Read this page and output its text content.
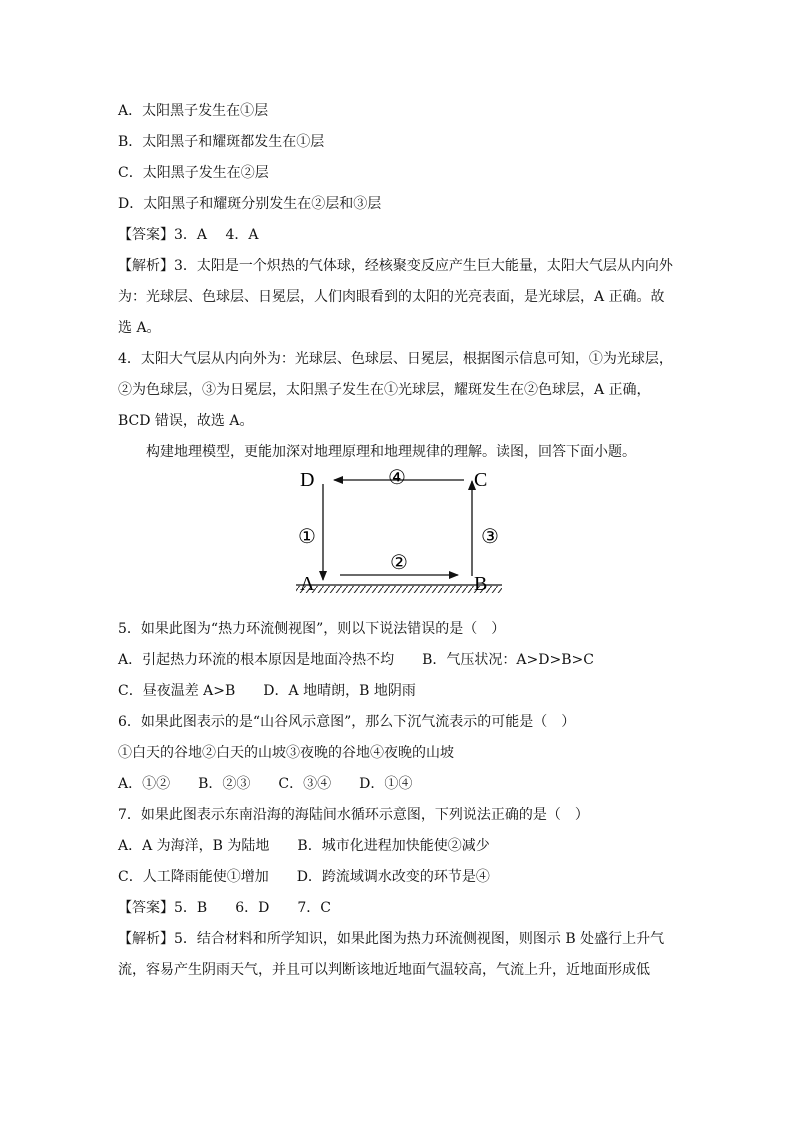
A．太阳黑子发生在①层
B．太阳黑子和耀斑都发生在①层
C．太阳黑子发生在②层
D．太阳黑子和耀斑分别发生在②层和③层
【答案】3．A　 4．A
【解析】3．太阳是一个炽热的气体球，经核聚变反应产生巨大能量，太阳大气层从内向外
为：光球层、色球层、日冕层，人们肉眼看到的太阳的光亮表面，是光球层，A 正确。故
选 A。
4．太阳大气层从内向外为：光球层、色球层、日冕层，根据图示信息可知，①为光球层，
②为色球层，③为日冕层，太阳黑子发生在①光球层，耀斑发生在②色球层，A 正确，
BCD 错误，故选 A。
构建地理模型，更能加深对地理原理和地理规律的理解。读图，回答下面小题。
D	C
A	B
①
②
③
④
5．如果此图为“热力环流侧视图”，则以下说法错误的是（　）
A．引起热力环流的根本原因是地面冷热不均　　B．气压状况：A>D>B>C
C．昼夜温差 A>B　　D．A 地晴朗，B 地阴雨
6．如果此图表示的是“山谷风示意图”，那么下沉气流表示的可能是（　）
①白天的谷地②白天的山坡③夜晚的谷地④夜晚的山坡
A．①②　　B．②③　　C．③④　　D．①④
7．如果此图表示东南沿海的海陆间水循环示意图，下列说法正确的是（　）
A．A 为海洋，B 为陆地　　B．城市化进程加快能使②减少
C．人工降雨能使①增加　　D．跨流域调水改变的环节是④
【答案】5．B　　6．D　　7．C
【解析】5．结合材料和所学知识，如果此图为热力环流侧视图，则图示 B 处盛行上升气
流，容易产生阴雨天气，并且可以判断该地近地面气温较高，气流上升，近地面形成低
